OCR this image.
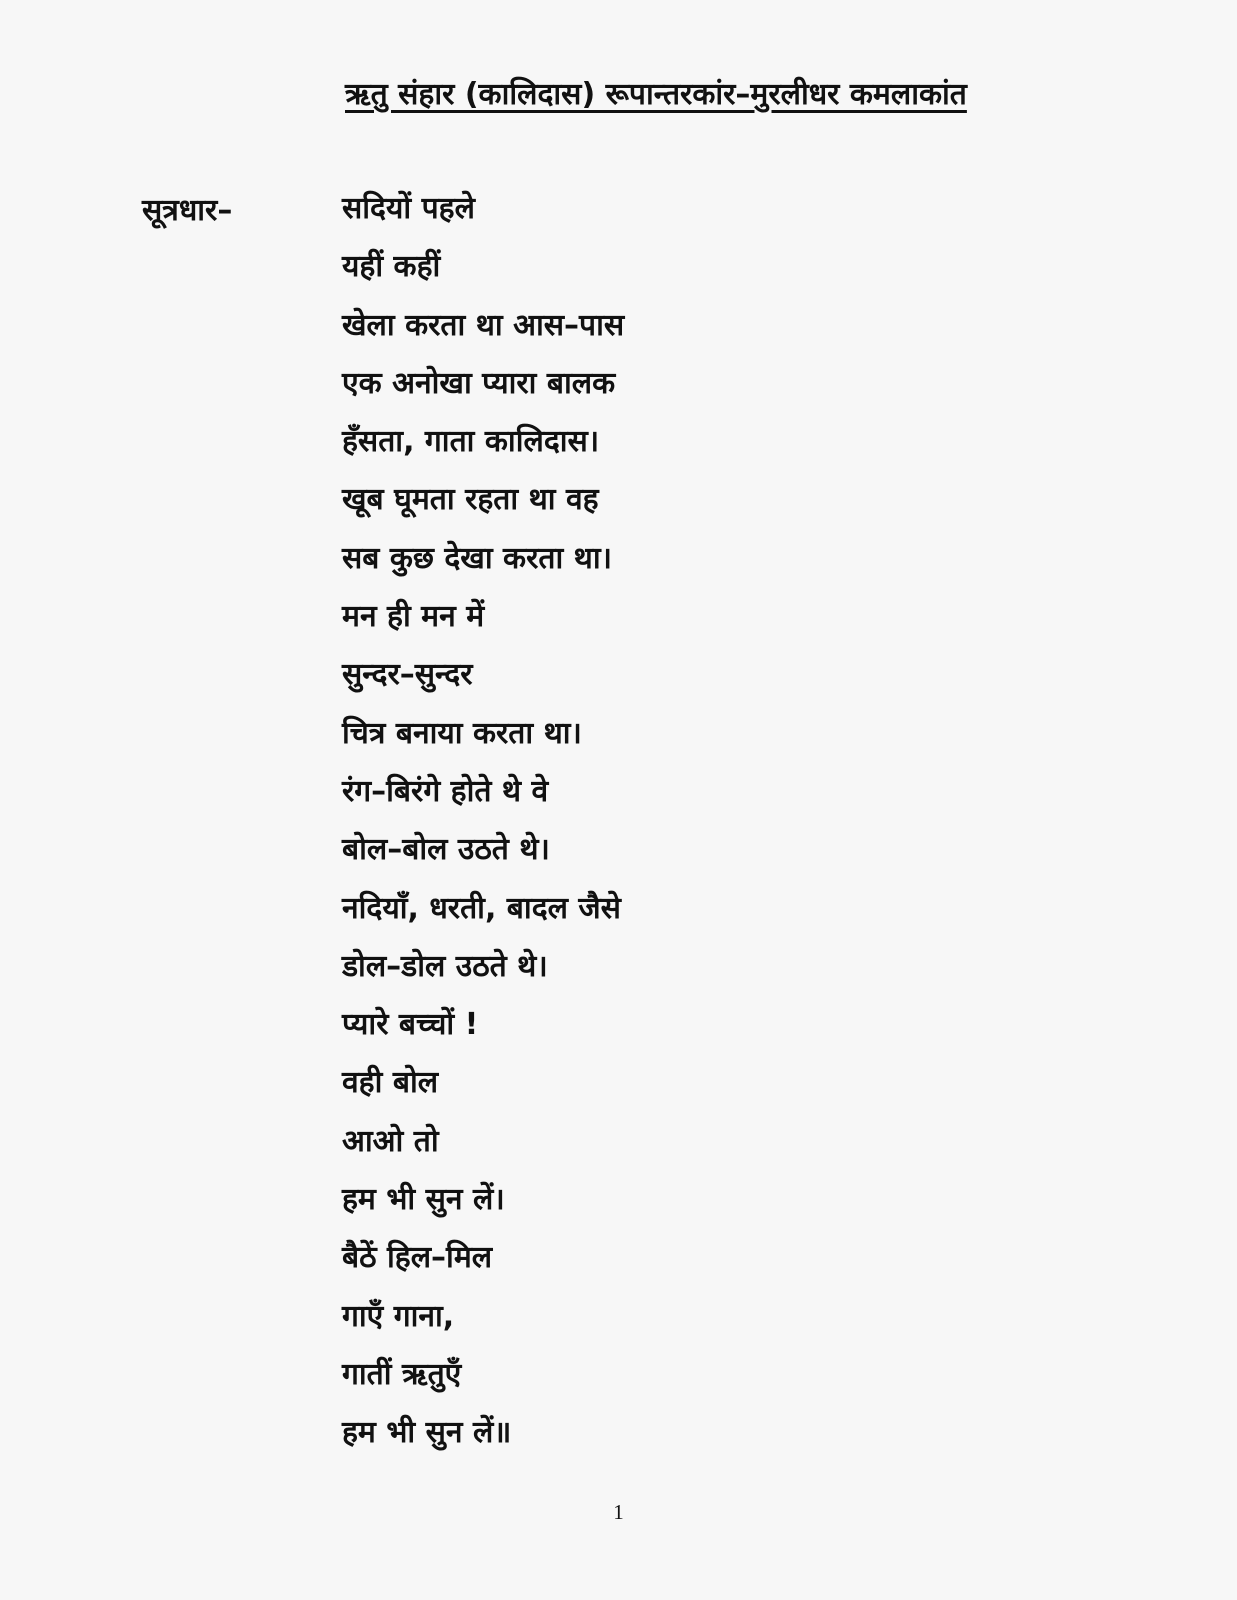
ऋतु संहार (कालिदास) रूपान्तरकांर–मुरलीधर कमलाकांत
सूत्रधार–	सदियों पहले
यहीं कहीं
खेला करता था आस–पास
एक अनोखा प्यारा बालक
हँसता, गाता कालिदास।
खूब घूमता रहता था वह
सब कुछ देखा करता था।
मन ही मन में
सुन्दर–सुन्दर
चित्र बनाया करता था।
रंग–बिरंगे होते थे वे
बोल–बोल उठते थे।
नदियाँ, धरती, बादल जैसे
डोल–डोल उठते थे।
प्यारे बच्चों !
वही बोल
आओ तो
हम भी सुन लें।
बैठें हिल–मिल
गाएँ गाना,
गातीं ऋतुएँ
हम भी सुन लें॥
1
